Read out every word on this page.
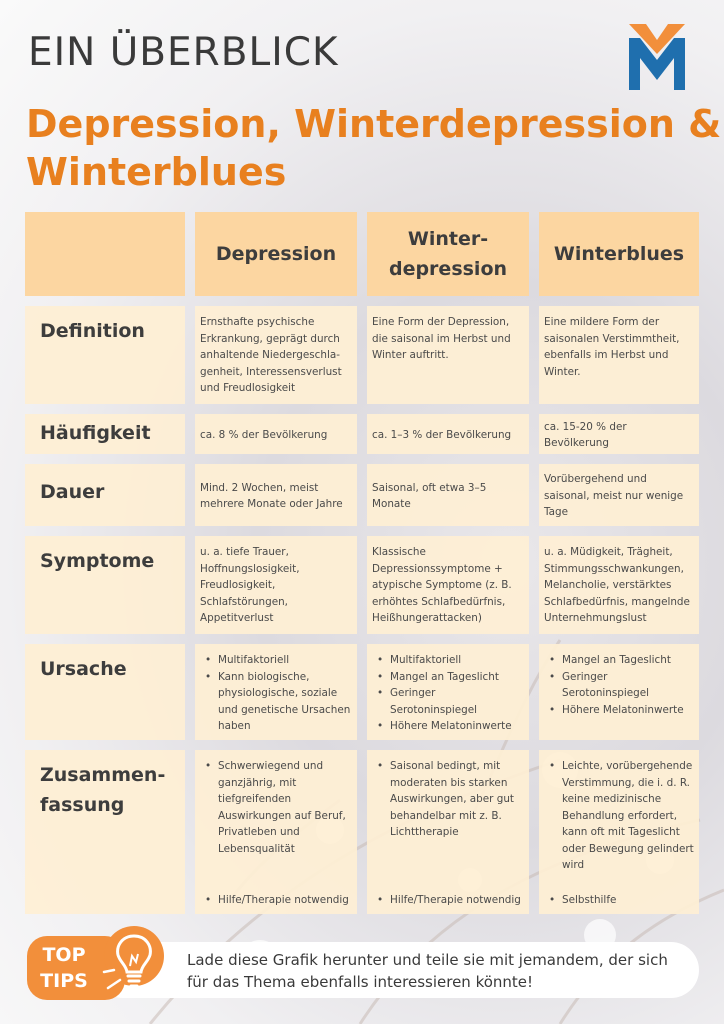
EIN ÜBERBLICK
Depression, Winterdepression &
Winterblues
Depression
Winter-
depression
Winterblues
Definition	Ernsthafte psychische Erkrankung, geprägt durch anhaltende Niedergeschla-genheit, Interessensverlust und Freudlosigkeit
Eine Form der Depression, die saisonal im Herbst und Winter auftritt.
Eine mildere Form der saisonalen Verstimmtheit, ebenfalls im Herbst und Winter.
Häufigkeit	ca. 8 % der Bevölkerung	ca. 1–3 % der Bevölkerung
ca. 15-20 % der Bevölkerung
Dauer	Mind. 2 Wochen, meist mehrere Monate oder Jahre
Saisonal, oft etwa 3–5 Monate
Vorübergehend und saisonal, meist nur wenige Tage
Symptome	u. a. tiefe Trauer, Hoffnungslosigkeit, Freudlosigkeit, Schlafstörungen, Appetitverlust
Klassische Depressionssymptome + atypische Symptome (z. B. erhöhtes Schlafbedürfnis, Heißhungerattacken)
u. a. Müdigkeit, Trägheit, Stimmungsschwankungen, Melancholie, verstärktes Schlafbedürfnis, mangelnde Unternehmungslust
Ursache
•	Multifaktoriell
• Kann biologische, physiologische, soziale und genetische Ursachen haben
• Multifaktoriell
• Mangel an Tageslicht
• Geringer Serotoninspiegel
• Höhere Melatoninwerte
• Mangel an Tageslicht
• Geringer Serotoninspiegel
• Höhere Melatoninwerte
Zusammen-
fassung
• Schwerwiegend und ganzjährig, mit tiefgreifenden Auswirkungen auf Beruf, Privatleben und Lebensqualität
• Hilfe/Therapie notwendig
• Saisonal bedingt, mit moderaten bis starken Auswirkungen, aber gut behandelbar mit z. B. Lichttherapie
• Hilfe/Therapie notwendig
• Leichte, vorübergehende Verstimmung, die i. d. R. keine medizinische Behandlung erfordert, kann oft mit Tageslicht oder Bewegung gelindert wird
• Selbsthilfe
Lade diese Grafik herunter und teile sie mit jemandem, der sich für das Thema ebenfalls interessieren könnte!
TOP
TIPS
